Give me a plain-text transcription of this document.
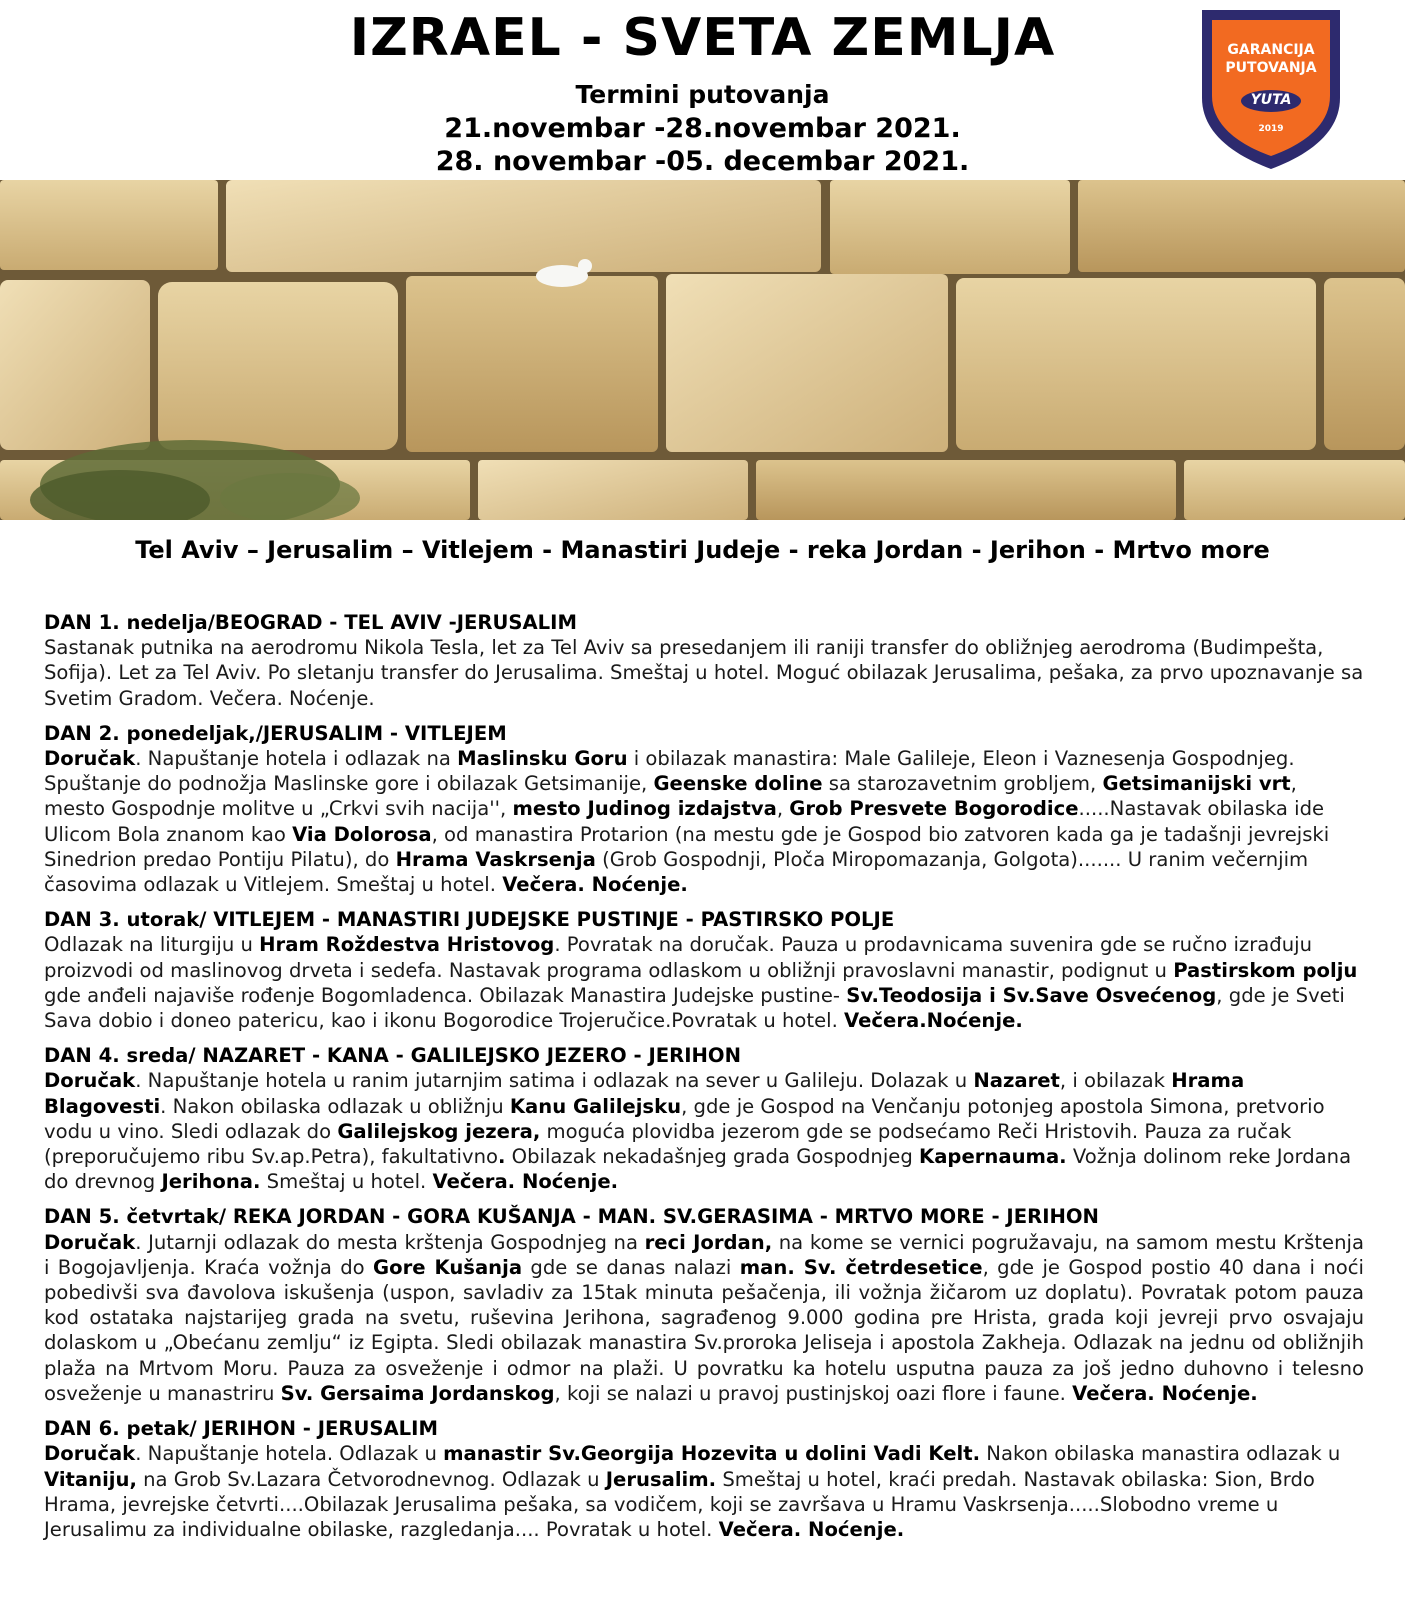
IZRAEL - SVETA ZEMLJA
Termini putovanja
21.novembar -28.novembar 2021.
28. novembar -05. decembar 2021.
GARANCIJA
PUTOVANJA
YUTA
2019
Tel Aviv – Jerusalim – Vitlejem - Manastiri Judeje - reka Jordan - Jerihon - Mrtvo more
DAN 1. nedelja/BEOGRAD - TEL AVIV -JERUSALIM

Sastanak putnika na aerodromu Nikola Tesla, let za Tel Aviv sa presedanjem ili raniji transfer do obližnjeg aerodroma (Budimpešta, Sofija). Let za Tel Aviv. Po sletanju transfer do Jerusalima. Smeštaj u hotel. Moguć obilazak Jerusalima, pešaka, za prvo upoznavanje sa Svetim Gradom. Večera. Noćenje.

DAN 2. ponedeljak,/JERUSALIM - VITLEJEM

Doručak. Napuštanje hotela i odlazak na Maslinsku Goru i obilazak manastira: Male Galileje, Eleon i Vaznesenja Gospodnjeg. Spuštanje do podnožja Maslinske gore i obilazak Getsimanije, Geenske doline sa starozavetnim grobljem, Getsimanijski vrt, mesto Gospodnje molitve u „Crkvi svih nacija'', mesto Judinog izdajstva, Grob Presvete Bogorodice.....Nastavak obilaska ide Ulicom Bola znanom kao Via Dolorosa, od manastira Protarion (na mestu gde je Gospod bio zatvoren kada ga je tadašnji jevrejski Sinedrion predao Pontiju Pilatu), do Hrama Vaskrsenja (Grob Gospodnji, Ploča Miropomazanja, Golgota)....... U ranim večernjim časovima odlazak u Vitlejem. Smeštaj u hotel. Večera. Noćenje.

DAN 3. utorak/ VITLEJEM - MANASTIRI JUDEJSKE PUSTINJE - PASTIRSKO POLJE

Odlazak na liturgiju u Hram Roždestva Hristovog. Povratak na doručak. Pauza u prodavnicama suvenira gde se ručno izrađuju proizvodi od maslinovog drveta i sedefa. Nastavak programa odlaskom u obližnji pravoslavni manastir, podignut u Pastirskom polju gde anđeli najaviše rođenje Bogomladenca. Obilazak Manastira Judejske pustine- Sv.Teodosija i Sv.Save Osvećenog, gde je Sveti Sava dobio i doneo patericu, kao i ikonu Bogorodice Trojeručice.Povratak u hotel. Večera.Noćenje.

DAN 4. sreda/ NAZARET - KANA - GALILEJSKO JEZERO - JERIHON

Doručak. Napuštanje hotela u ranim jutarnjim satima i odlazak na sever u Galileju. Dolazak u Nazaret, i obilazak Hrama Blagovesti. Nakon obilaska odlazak u obližnju Kanu Galilejsku, gde je Gospod na Venčanju potonjeg apostola Simona, pretvorio vodu u vino. Sledi odlazak do Galilejskog jezera, moguća plovidba jezerom gde se podsećamo Reči Hristovih. Pauza za ručak (preporučujemo ribu Sv.ap.Petra), fakultativno. Obilazak nekadašnjeg grada Gospodnjeg Kapernauma. Vožnja dolinom reke Jordana do drevnog Jerihona. Smeštaj u hotel. Večera. Noćenje.

DAN 5. četvrtak/ REKA JORDAN - GORA KUŠANJA - MAN. SV.GERASIMA - MRTVO MORE - JERIHON

Doručak. Jutarnji odlazak do mesta krštenja Gospodnjeg na reci Jordan, na kome se vernici pogružavaju, na samom mestu Krštenja i Bogojavljenja. Kraća vožnja do Gore Kušanja gde se danas nalazi man. Sv. četrdesetice, gde je Gospod postio 40 dana i noći pobedivši sva đavolova iskušenja (uspon, savladiv za 15tak minuta pešačenja, ili vožnja žičarom uz doplatu). Povratak potom pauza kod ostataka najstarijeg grada na svetu, ruševina Jerihona, sagrađenog 9.000 godina pre Hrista, grada koji jevreji prvo osvajaju dolaskom u „Obećanu zemlju“ iz Egipta. Sledi obilazak manastira Sv.proroka Jeliseja i apostola Zakheja. Odlazak na jednu od obližnjih plaža na Mrtvom Moru. Pauza za osveženje i odmor na plaži. U povratku ka hotelu usputna pauza za još jedno duhovno i telesno osveženje u manastriru Sv. Gersaima Jordanskog, koji se nalazi u pravoj pustinjskoj oazi flore i faune. Večera. Noćenje.

DAN 6. petak/ JERIHON - JERUSALIM

Doručak. Napuštanje hotela. Odlazak u manastir Sv.Georgija Hozevita u dolini Vadi Kelt. Nakon obilaska manastira odlazak u Vitaniju, na Grob Sv.Lazara Četvorodnevnog. Odlazak u Jerusalim. Smeštaj u hotel, kraći predah. Nastavak obilaska: Sion, Brdo Hrama, jevrejske četvrti....Obilazak Jerusalima pešaka, sa vodičem, koji se završava u Hramu Vaskrsenja.....Slobodno vreme u Jerusalimu za individualne obilaske, razgledanja.... Povratak u hotel. Večera. Noćenje.
